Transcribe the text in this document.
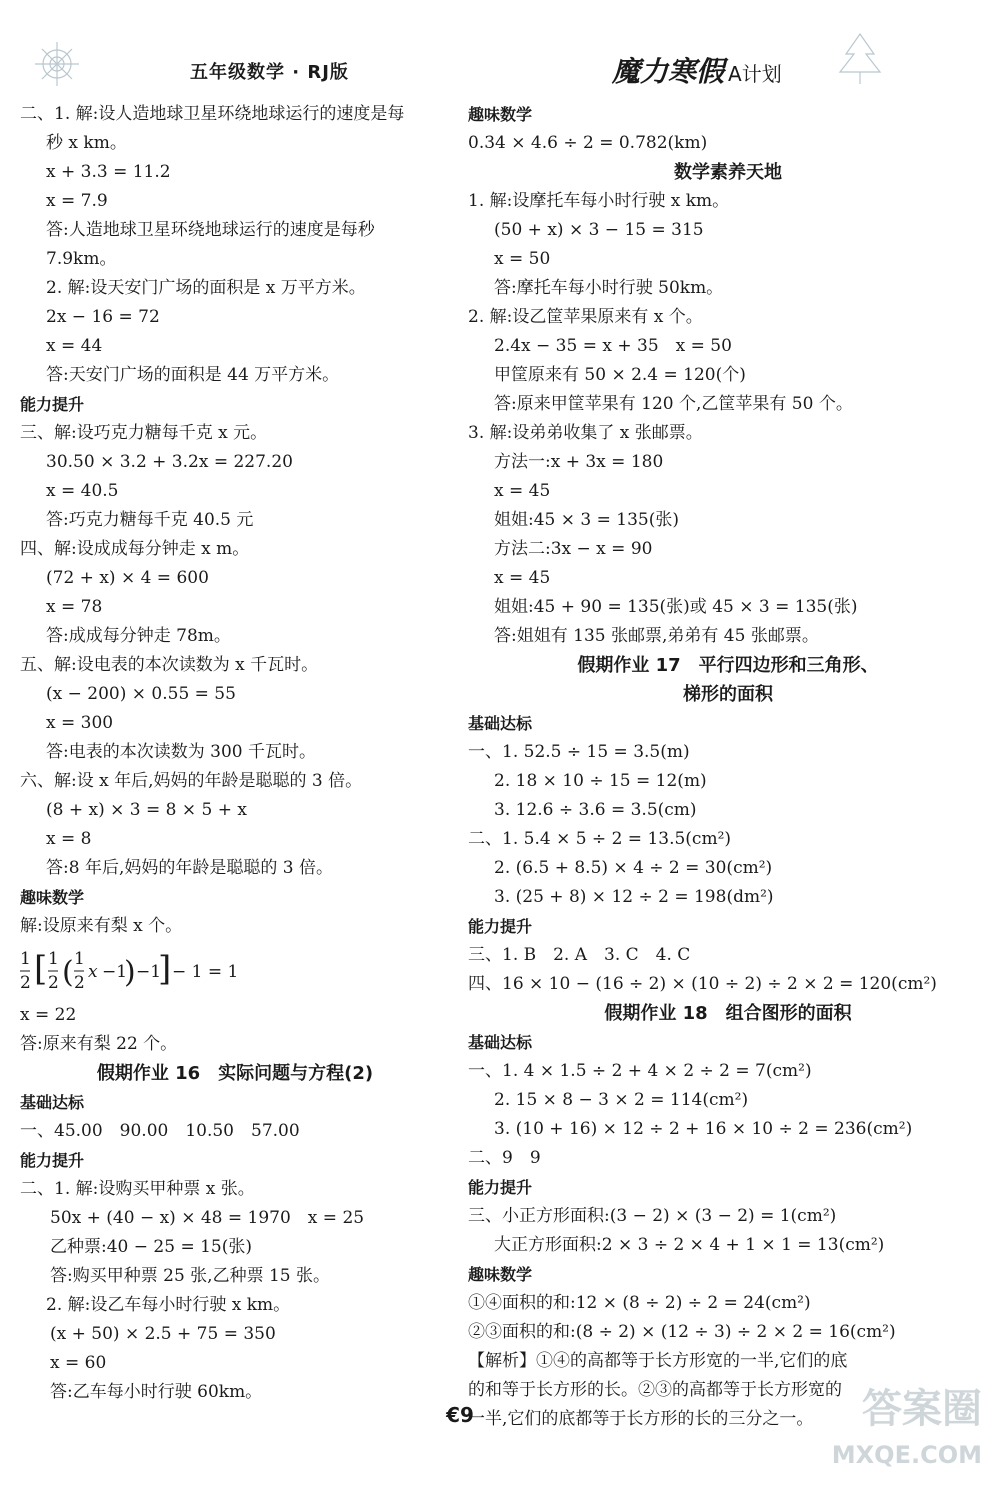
五年级数学 · RJ版	魔力寒假 A计划
二、1. 解:设人造地球卫星环绕地球运行的速度是每
秒 x km。
x + 3.3 = 11.2
x = 7.9
答:人造地球卫星环绕地球运行的速度是每秒
7.9km。
2. 解:设天安门广场的面积是 x 万平方米。
2x − 16 = 72
x = 44
答:天安门广场的面积是 44 万平方米。
能力提升
三、解:设巧克力糖每千克 x 元。
30.50 × 3.2 + 3.2x = 227.20
x = 40.5
答:巧克力糖每千克 40.5 元
四、解:设成成每分钟走 x m。
(72 + x) × 4 = 600
x = 78
答:成成每分钟走 78m。
五、解:设电表的本次读数为 x 千瓦时。
(x − 200) × 0.55 = 55
x = 300
答:电表的本次读数为 300 千瓦时。
六、解:设 x 年后,妈妈的年龄是聪聪的 3 倍。
(8 + x) × 3 = 8 × 5 + x
x = 8
答:8 年后,妈妈的年龄是聪聪的 3 倍。
趣味数学
解:设原来有梨 x 个。
1
2 [ 1
2 ( 1
2
x −1
) −1
] − 1 = 1
x = 22
答:原来有梨 22 个。
假期作业 16　实际问题与方程(2)
基础达标
一、45.00　90.00　10.50　57.00
能力提升
二、1. 解:设购买甲种票 x 张。
50x + (40 − x) × 48 = 1970　x = 25
乙种票:40 − 25 = 15(张)
答:购买甲种票 25 张,乙种票 15 张。
2. 解:设乙车每小时行驶 x km。
(x + 50) × 2.5 + 75 = 350
x = 60
答:乙车每小时行驶 60km。
趣味数学
0.34 × 4.6 ÷ 2 = 0.782(km)
数学素养天地
1. 解:设摩托车每小时行驶 x km。
(50 + x) × 3 − 15 = 315
x = 50
答:摩托车每小时行驶 50km。
2. 解:设乙筐苹果原来有 x 个。
2.4x − 35 = x + 35　x = 50
甲筐原来有 50 × 2.4 = 120(个)
答:原来甲筐苹果有 120 个,乙筐苹果有 50 个。
3. 解:设弟弟收集了 x 张邮票。
方法一:x + 3x = 180
x = 45
姐姐:45 × 3 = 135(张)
方法二:3x − x = 90
x = 45
姐姐:45 + 90 = 135(张)或 45 × 3 = 135(张)
答:姐姐有 135 张邮票,弟弟有 45 张邮票。
假期作业 17　平行四边形和三角形、
梯形的面积
基础达标
一、1. 52.5 ÷ 15 = 3.5(m)
2. 18 × 10 ÷ 15 = 12(m)
3. 12.6 ÷ 3.6 = 3.5(cm)
二、1. 5.4 × 5 ÷ 2 = 13.5(cm²)
2. (6.5 + 8.5) × 4 ÷ 2 = 30(cm²)
3. (25 + 8) × 12 ÷ 2 = 198(dm²)
能力提升
三、1. B　2. A　3. C　4. C
四、16 × 10 − (16 ÷ 2) × (10 ÷ 2) ÷ 2 × 2 = 120(cm²)
假期作业 18　组合图形的面积
基础达标
一、1. 4 × 1.5 ÷ 2 + 4 × 2 ÷ 2 = 7(cm²)
2. 15 × 8 − 3 × 2 = 114(cm²)
3. (10 + 16) × 12 ÷ 2 + 16 × 10 ÷ 2 = 236(cm²)
二、9　9
能力提升
三、小正方形面积:(3 − 2) × (3 − 2) = 1(cm²)
大正方形面积:2 × 3 ÷ 2 × 4 + 1 × 1 = 13(cm²)
趣味数学
①④面积的和:12 × (8 ÷ 2) ÷ 2 = 24(cm²)
②③面积的和:(8 ÷ 2) × (12 ÷ 3) ÷ 2 × 2 = 16(cm²)
【解析】①④的高都等于长方形宽的一半,它们的底
的和等于长方形的长。②③的高都等于长方形宽的
一半,它们的底都等于长方形的长的三分之一。
€9	答案圈
MXQE.COM
